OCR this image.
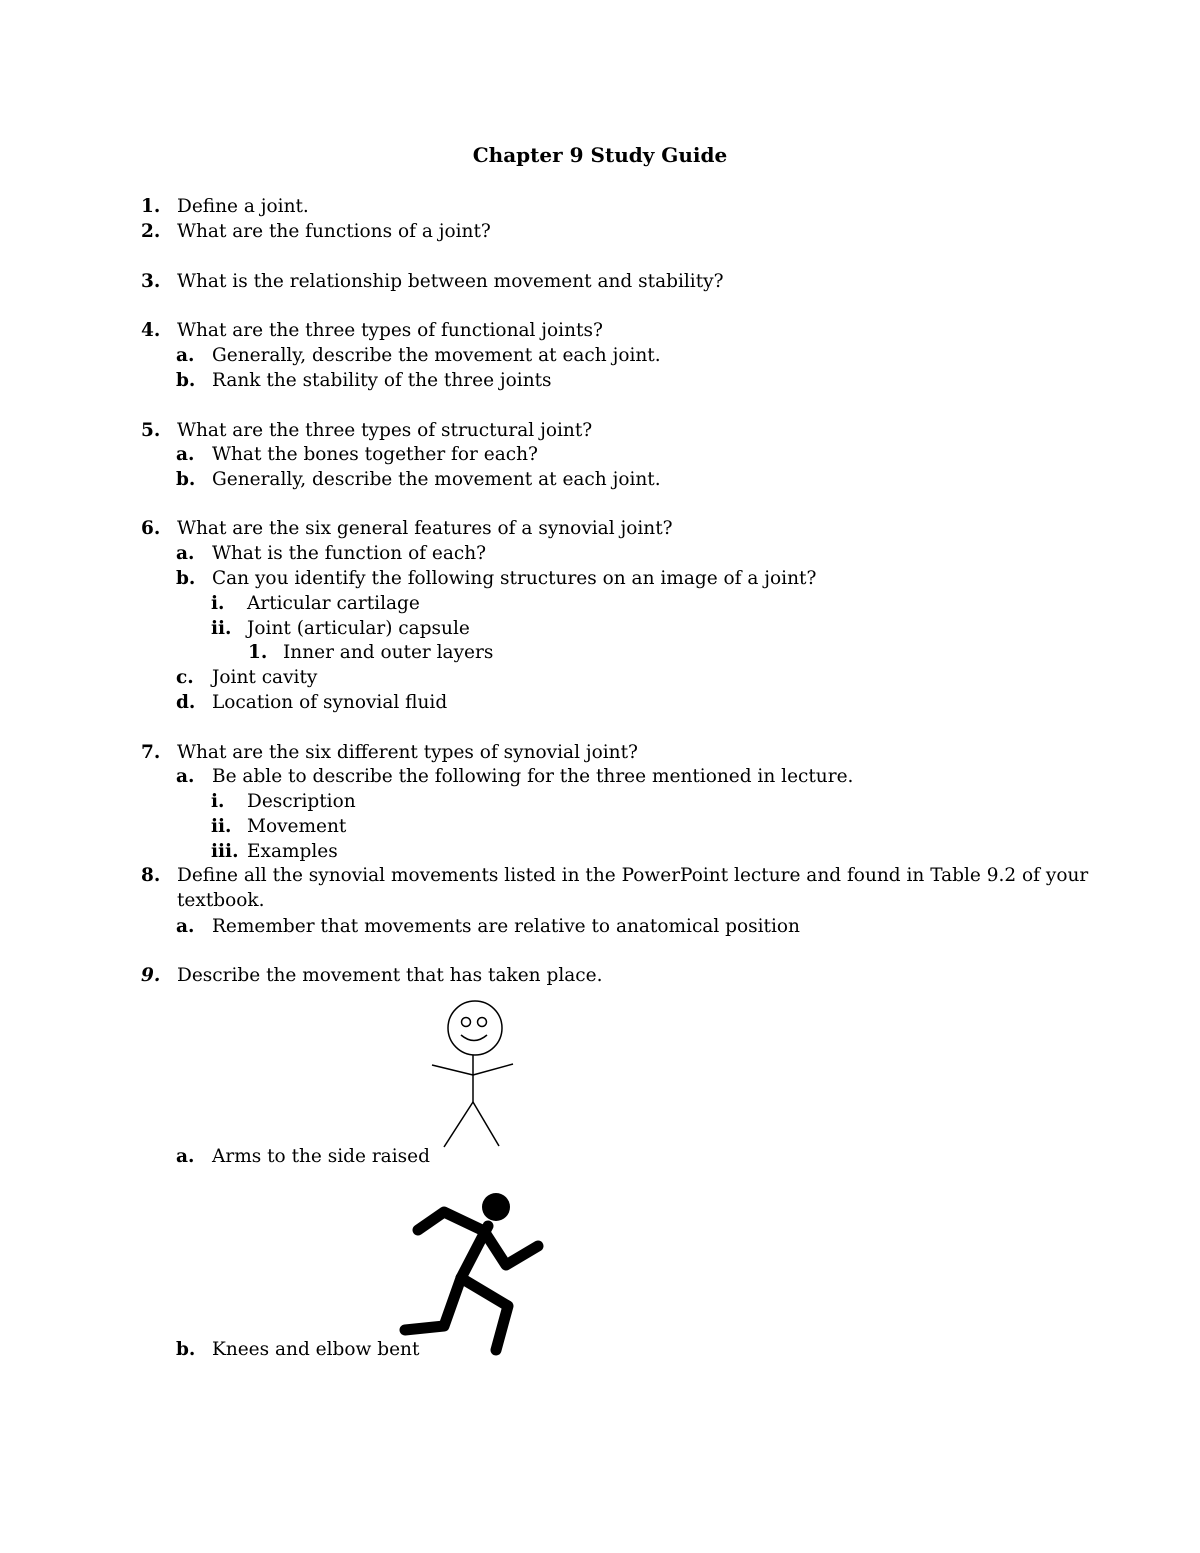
Chapter 9 Study Guide
1. Define a joint.
2. What are the functions of a joint?
3. What is the relationship between movement and stability?
4. What are the three types of functional joints?
a. Generally, describe the movement at each joint.
b. Rank the stability of the three joints
5. What are the three types of structural joint?
a. What the bones together for each?
b. Generally, describe the movement at each joint.
6. What are the six general features of a synovial joint?
a. What is the function of each?
b. Can you identify the following structures on an image of a joint?
i. Articular cartilage
ii. Joint (articular) capsule
1. Inner and outer layers
c. Joint cavity
d. Location of synovial fluid
7. What are the six different types of synovial joint?
a. Be able to describe the following for the three mentioned in lecture.
i. Description
ii. Movement
iii. Examples
8. Define all the synovial movements listed in the PowerPoint lecture and found in Table 9.2 of your
textbook.
a. Remember that movements are relative to anatomical position
9. Describe the movement that has taken place.
a. Arms to the side raised
b. Knees and elbow bent
